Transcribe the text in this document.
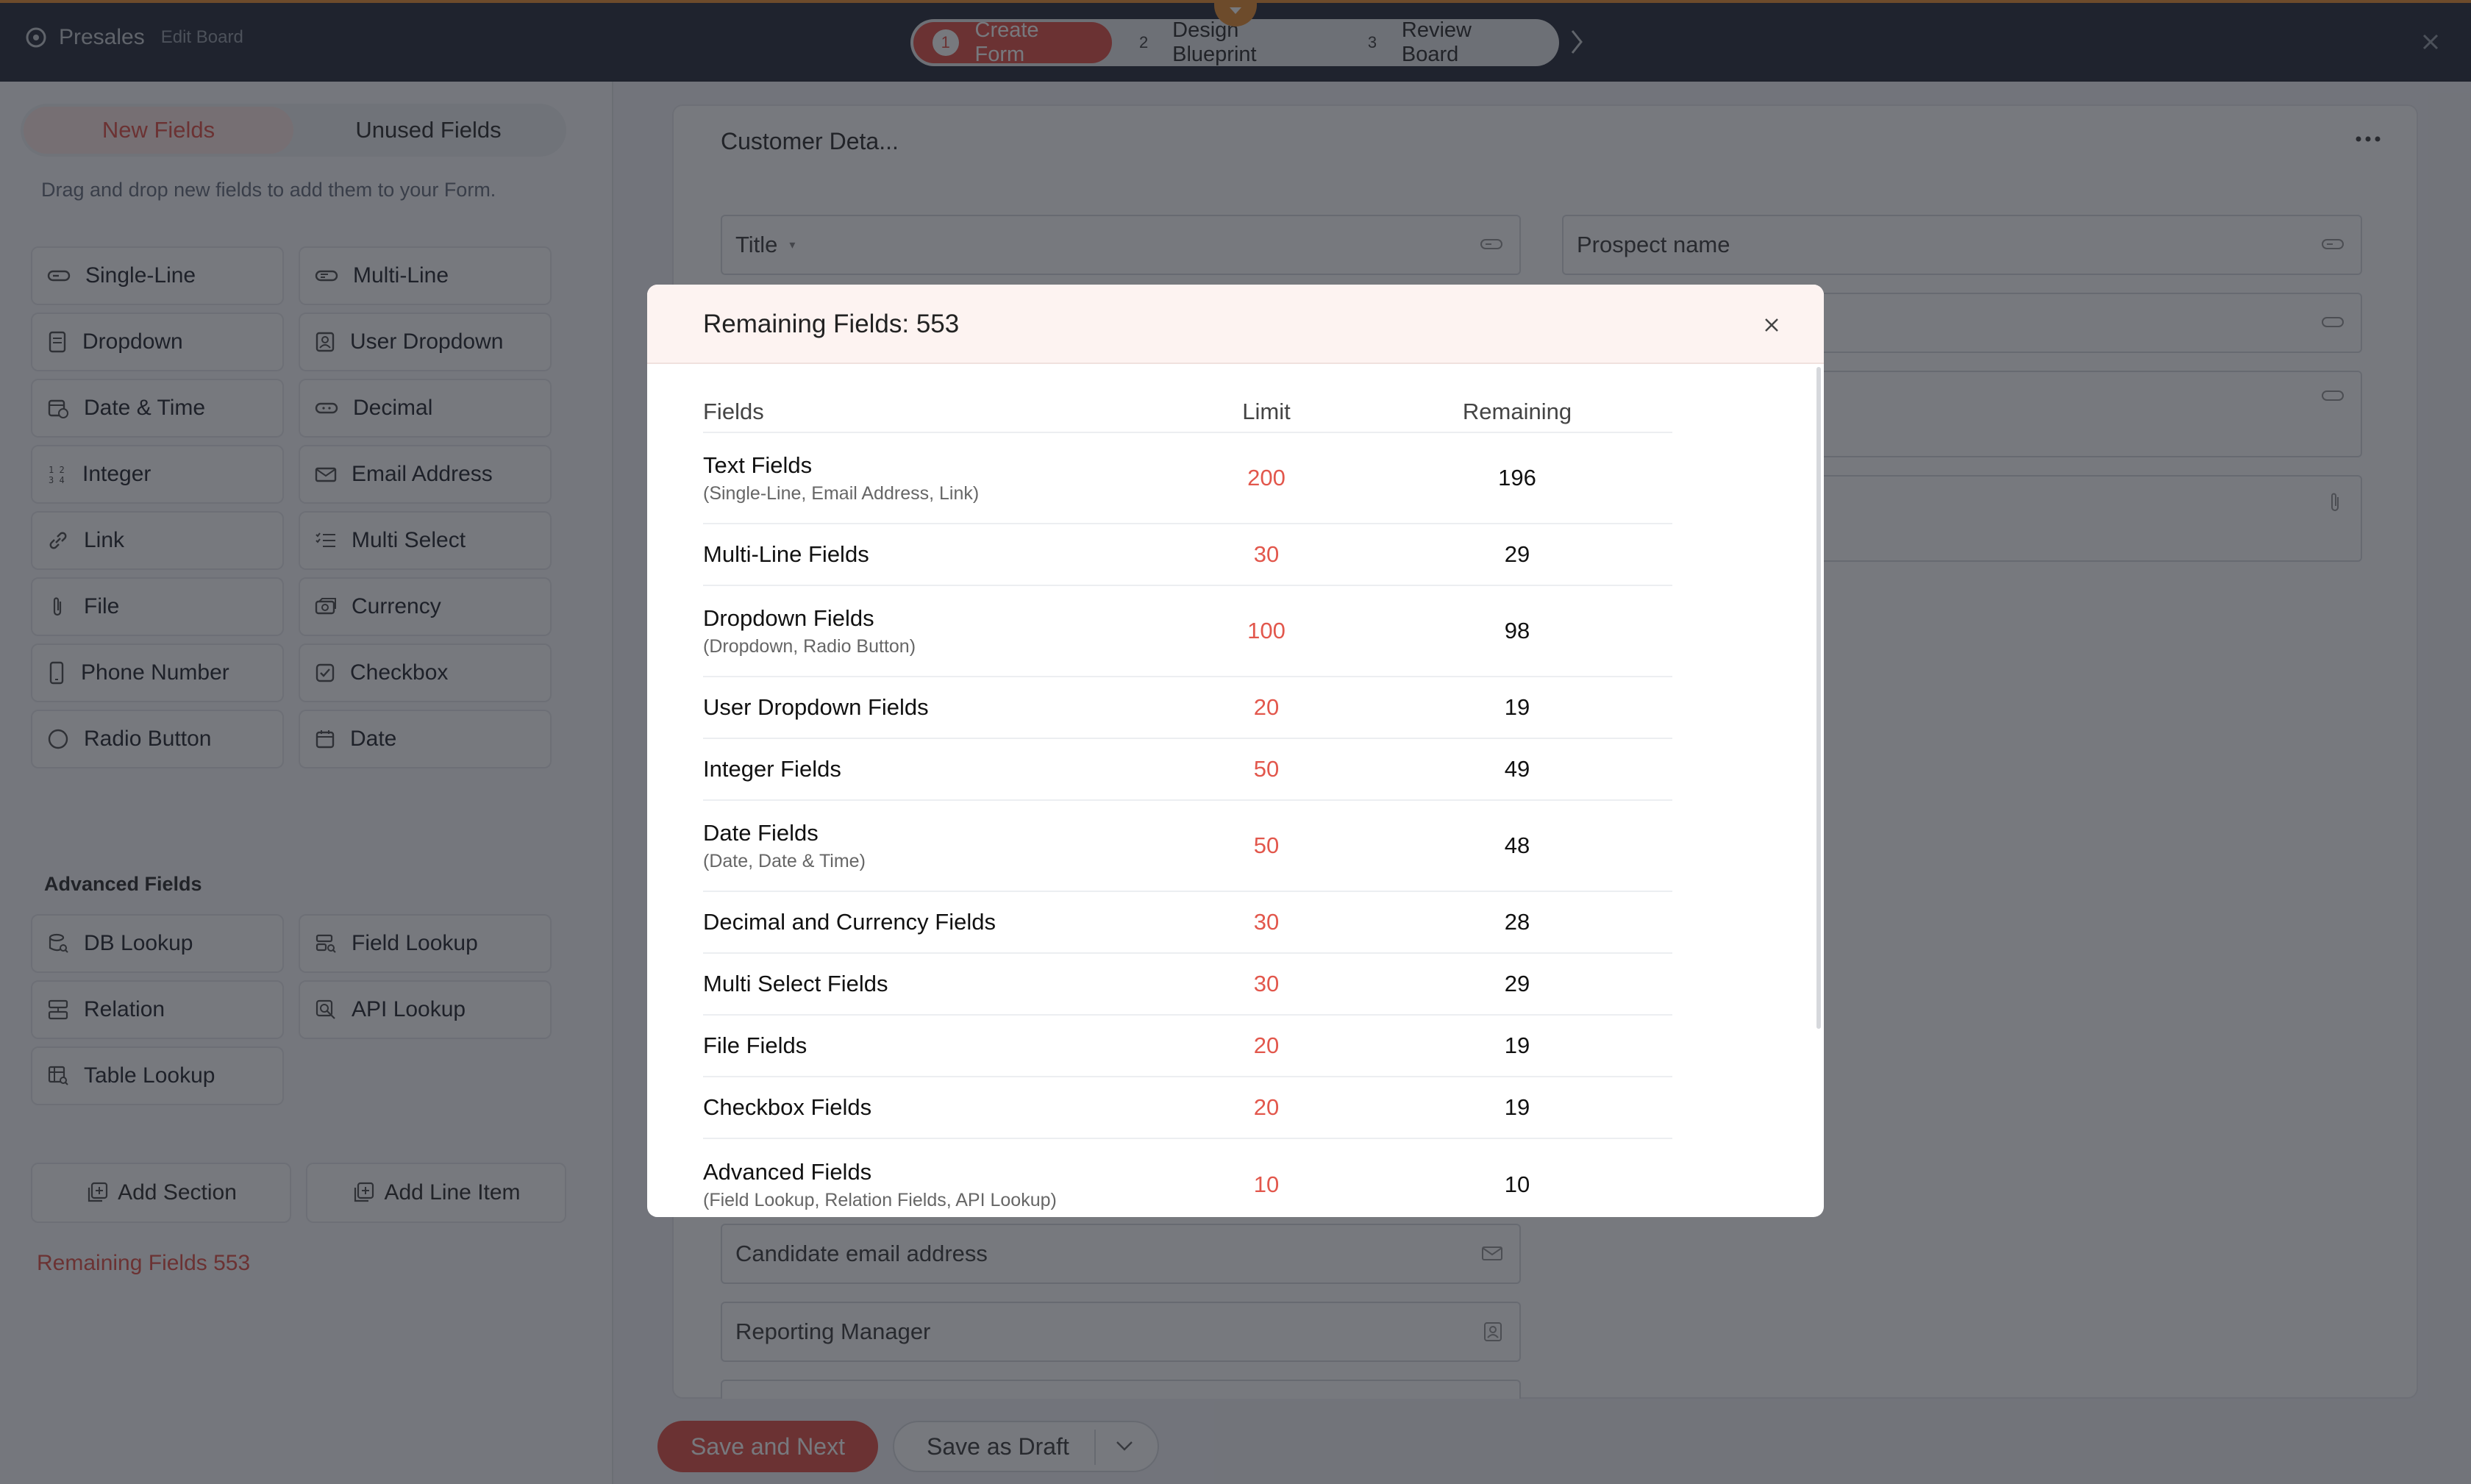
Remaining Fields: 553
Fields	Limit	Remaining
Text Fields
(Single-Line, Email Address, Link)
200	196
Multi-Line Fields	30	29
Dropdown Fields
(Dropdown, Radio Button)
100	98
User Dropdown Fields	20	19
Integer Fields	50	49
Date Fields
(Date, Date & Time)
50	48
Decimal and Currency Fields	30	28
Multi Select Fields	30	29
File Fields	20	19
Checkbox Fields	20	19
Advanced Fields
(Field Lookup, Relation Fields, API Lookup)
10	10
